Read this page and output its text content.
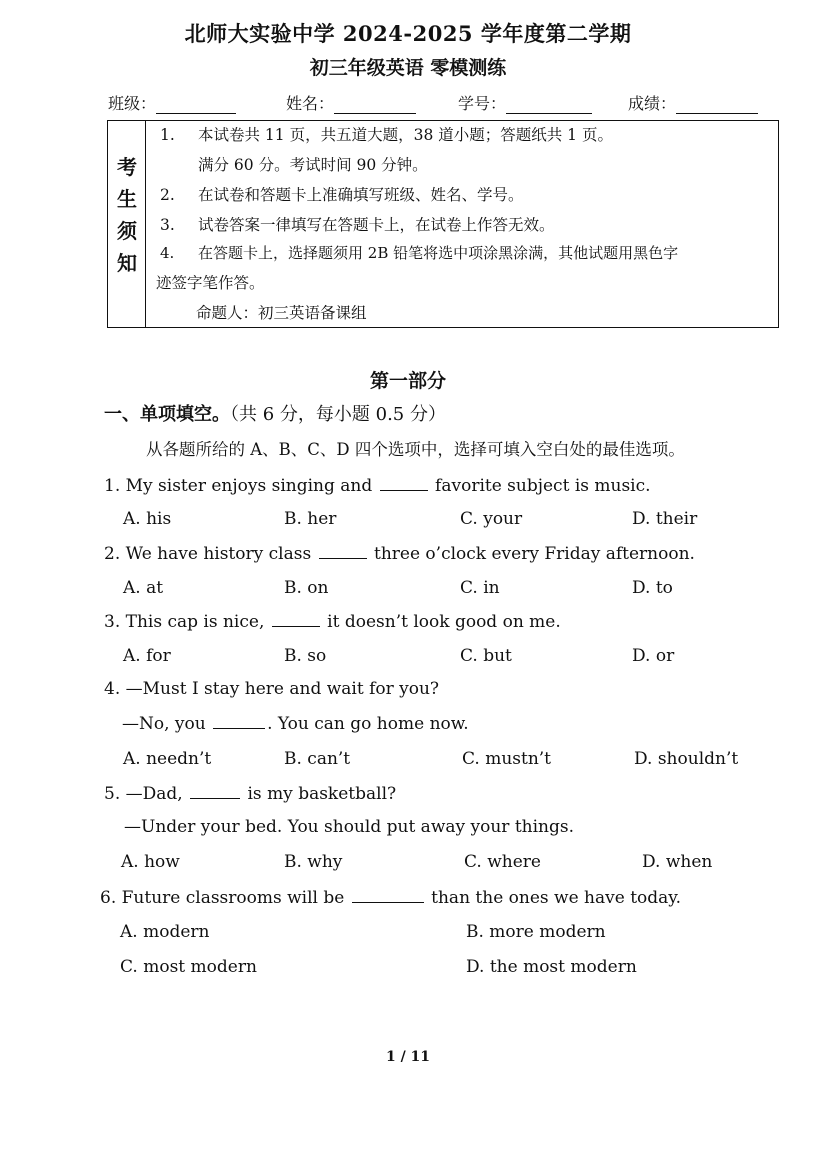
北师大实验中学 2024-2025 学年度第二学期
初三年级英语 零模测练
班级：	姓名：	学号：	成绩：
考
生
须
知
1. 本试卷共 11 页，共五道大题，38 道小题；答题纸共 1 页。
满分 60 分。考试时间 90 分钟。
2. 在试卷和答题卡上准确填写班级、姓名、学号。
3. 试卷答案一律填写在答题卡上，在试卷上作答无效。
4. 在答题卡上，选择题须用 2B 铅笔将选中项涂黑涂满，其他试题用黑色字
迹签字笔作答。
命题人：初三英语备课组
第一部分
一、单项填空。（共 6 分，每小题 0.5 分）
从各题所给的 A、B、C、D 四个选项中，选择可填入空白处的最佳选项。
1. My sister enjoys singing and	favorite subject is music.
A. his	B. her	C. your	D. their
2. We have history class	three o’clock every Friday afternoon.
A. at	B. on	C. in	D. to
3. This cap is nice,	it doesn’t look good on me.
A. for	B. so	C. but	D. or
4. —Must I stay here and wait for you?
—No, you	. You can go home now.
A. needn’t	B. can’t	C. mustn’t	D. shouldn’t
5. —Dad,	is my basketball?
—Under your bed. You should put away your things.
A. how	B. why	C. where	D. when
6. Future classrooms will be	than the ones we have today.
A. modern	B. more modern
C. most modern	D. the most modern
1 / 11
